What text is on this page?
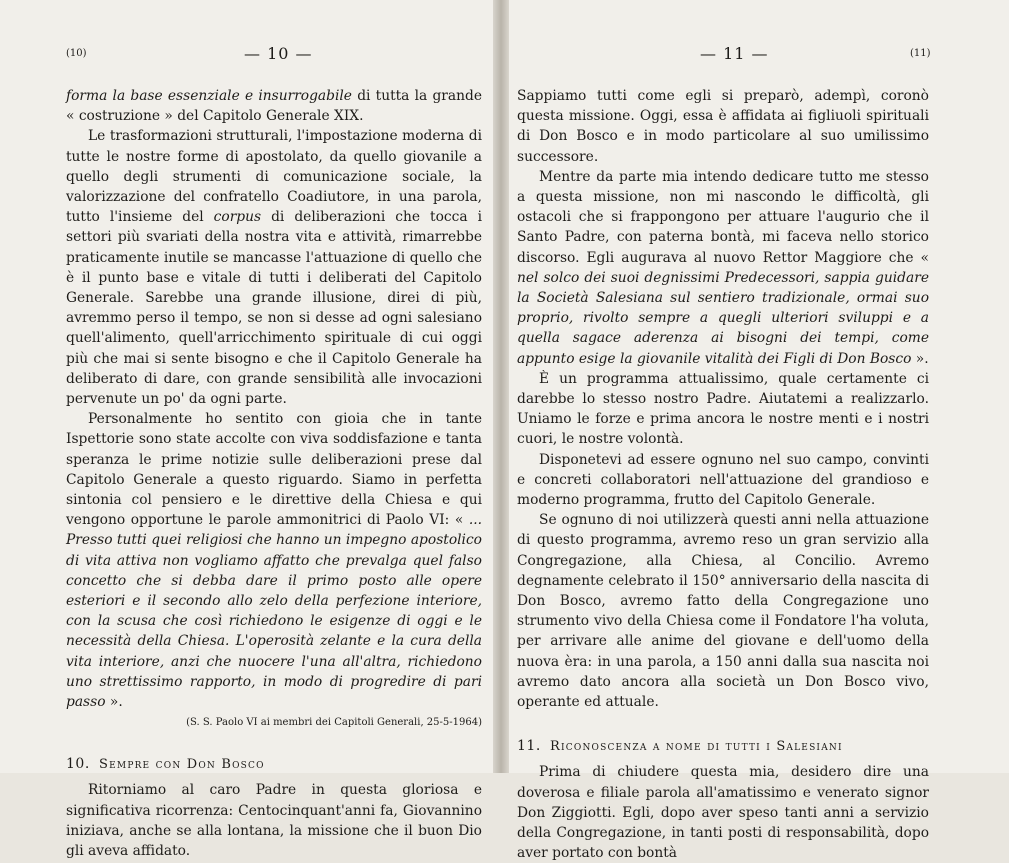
(10)	— 10 —

forma la base essenziale e insurrogabile di tutta la grande « costruzione » del Capitolo Generale XIX.

Le trasformazioni strutturali, l'impostazione moderna di tutte le nostre forme di apostolato, da quello giovanile a quello degli strumenti di comunicazione sociale, la valorizzazione del confratello Coadiutore, in una parola, tutto l'insieme del corpus di deliberazioni che tocca i settori più svariati della nostra vita e attività, rimarrebbe praticamente inutile se mancasse l'attuazione di quello che è il punto base e vitale di tutti i deliberati del Capitolo Generale. Sarebbe una grande illusione, direi di più, avremmo perso il tempo, se non si desse ad ogni salesiano quell'alimento, quell'arricchimento spirituale di cui oggi più che mai si sente bisogno e che il Capitolo Generale ha deliberato di dare, con grande sensibilità alle invocazioni pervenute un po' da ogni parte.

Personalmente ho sentito con gioia che in tante Ispettorie sono state accolte con viva soddisfazione e tanta speranza le prime notizie sulle deliberazioni prese dal Capitolo Generale a questo riguardo. Siamo in perfetta sintonia col pensiero e le direttive della Chiesa e qui vengono opportune le parole ammonitrici di Paolo VI: « ... Presso tutti quei religiosi che hanno un impegno apostolico di vita attiva non vogliamo affatto che prevalga quel falso concetto che si debba dare il primo posto alle opere esteriori e il secondo allo zelo della perfezione interiore, con la scusa che così richiedono le esigenze di oggi e le necessità della Chiesa. L'operosità zelante e la cura della vita interiore, anzi che nuocere l'una all'altra, richiedono uno strettissimo rapporto, in modo di progredire di pari passo ».

(S. S. Paolo VI ai membri dei Capitoli Generali, 25-5-1964)

10. Sempre con Don Bosco

Ritorniamo al caro Padre in questa gloriosa e significativa ricorrenza: Centocinquant'anni fa, Giovannino iniziava, anche se alla lontana, la missione che il buon Dio gli aveva affidato.

— 11 —	(11)

Sappiamo tutti come egli si preparò, adempì, coronò questa missione. Oggi, essa è affidata ai figliuoli spirituali di Don Bosco e in modo particolare al suo umilissimo successore.

Mentre da parte mia intendo dedicare tutto me stesso a questa missione, non mi nascondo le difficoltà, gli ostacoli che si frappongono per attuare l'augurio che il Santo Padre, con paterna bontà, mi faceva nello storico discorso. Egli augurava al nuovo Rettor Maggiore che « nel solco dei suoi degnissimi Predecessori, sappia guidare la Società Salesiana sul sentiero tradizionale, ormai suo proprio, rivolto sempre a quegli ulteriori sviluppi e a quella sagace aderenza ai bisogni dei tempi, come appunto esige la giovanile vitalità dei Figli di Don Bosco ».

È un programma attualissimo, quale certamente ci darebbe lo stesso nostro Padre. Aiutatemi a realizzarlo. Uniamo le forze e prima ancora le nostre menti e i nostri cuori, le nostre volontà.

Disponetevi ad essere ognuno nel suo campo, convinti e concreti collaboratori nell'attuazione del grandioso e moderno programma, frutto del Capitolo Generale.

Se ognuno di noi utilizzerà questi anni nella attuazione di questo programma, avremo reso un gran servizio alla Congregazione, alla Chiesa, al Concilio. Avremo degnamente celebrato il 150° anniversario della nascita di Don Bosco, avremo fatto della Congregazione uno strumento vivo della Chiesa come il Fondatore l'ha voluta, per arrivare alle anime del giovane e dell'uomo della nuova èra: in una parola, a 150 anni dalla sua nascita noi avremo dato ancora alla società un Don Bosco vivo, operante ed attuale.

11. Riconoscenza a nome di tutti i Salesiani

Prima di chiudere questa mia, desidero dire una doverosa e filiale parola all'amatissimo e venerato signor Don Ziggiotti. Egli, dopo aver speso tanti anni a servizio della Congregazione, in tanti posti di responsabilità, dopo aver portato con bontà
